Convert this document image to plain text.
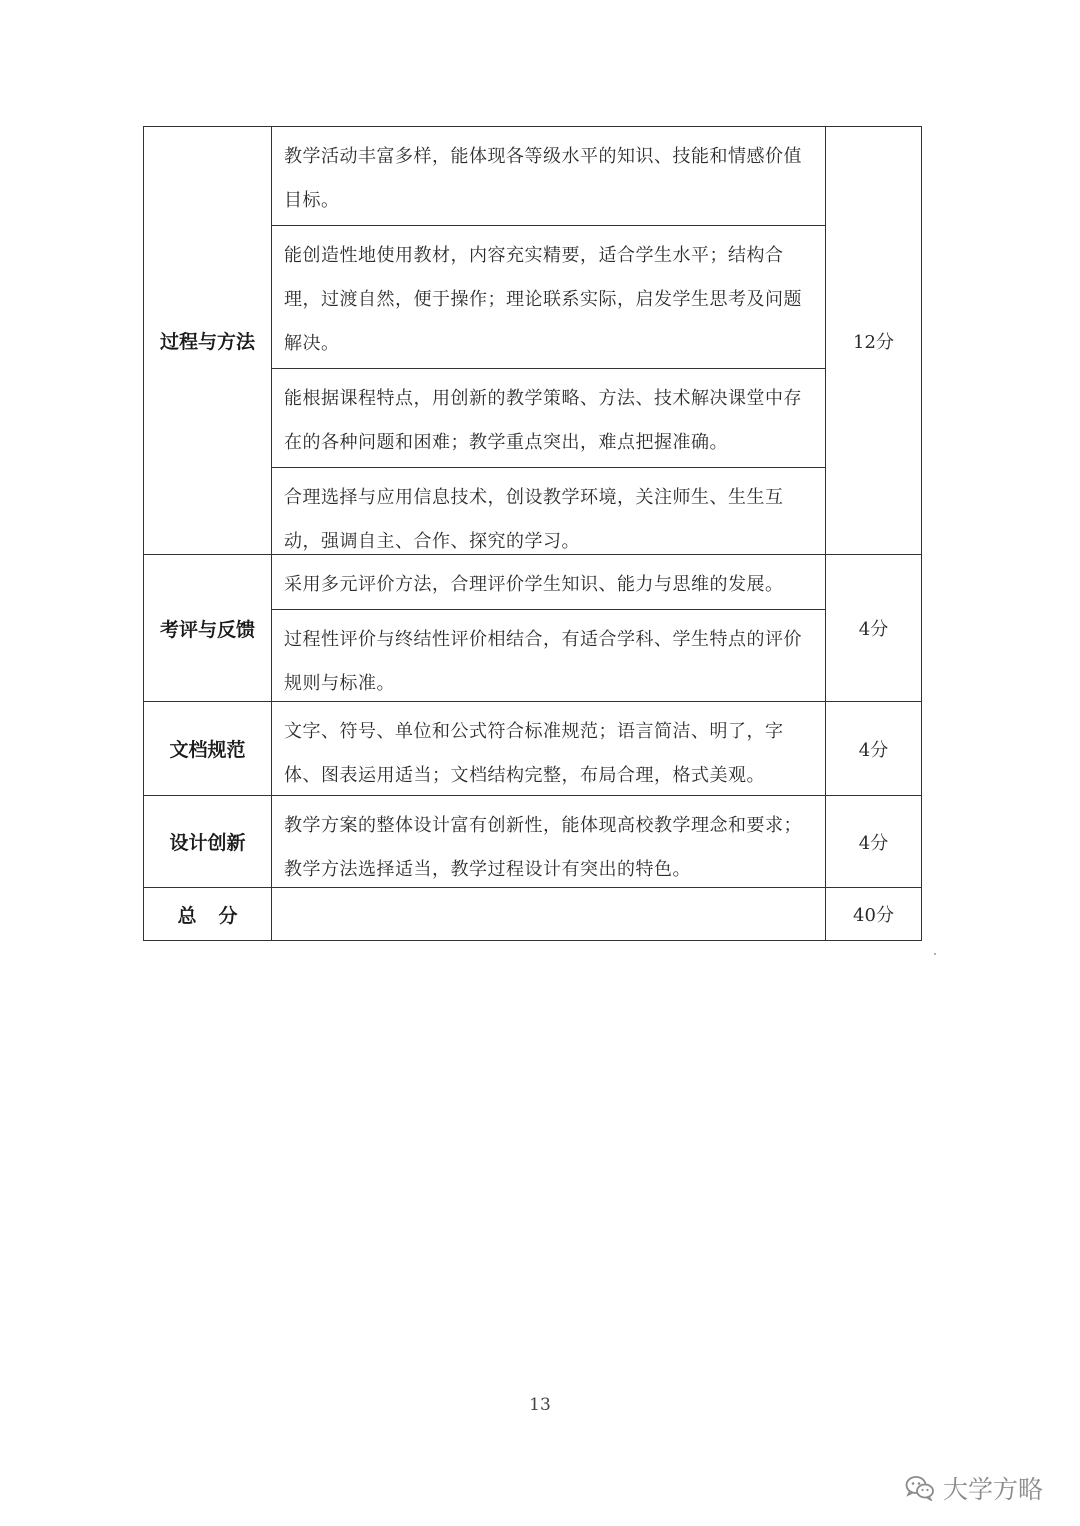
过程与方法	教学活动丰富多样，能体现各等级水平的知识、技能和情感价值目标。
能创造性地使用教材，内容充实精要，适合学生水平；结构合理，过渡自然，便于操作；理论联系实际，启发学生思考及问题解决。
能根据课程特点，用创新的教学策略、方法、技术解决课堂中存在的各种问题和困难；教学重点突出，难点把握准确。
合理选择与应用信息技术，创设教学环境，关注师生、生生互动，强调自主、合作、探究的学习。	12分
考评与反馈	采用多元评价方法，合理评价学生知识、能力与思维的发展。
过程性评价与终结性评价相结合，有适合学科、学生特点的评价规则与标准。	4分
文档规范	文字、符号、单位和公式符合标准规范；语言简洁、明了，字体、图表运用适当；文档结构完整，布局合理，格式美观。	4分
设计创新	教学方案的整体设计富有创新性，能体现高校教学理念和要求；教学方法选择适当，教学过程设计有突出的特色。	4分
总分		40分
13
大学方略
